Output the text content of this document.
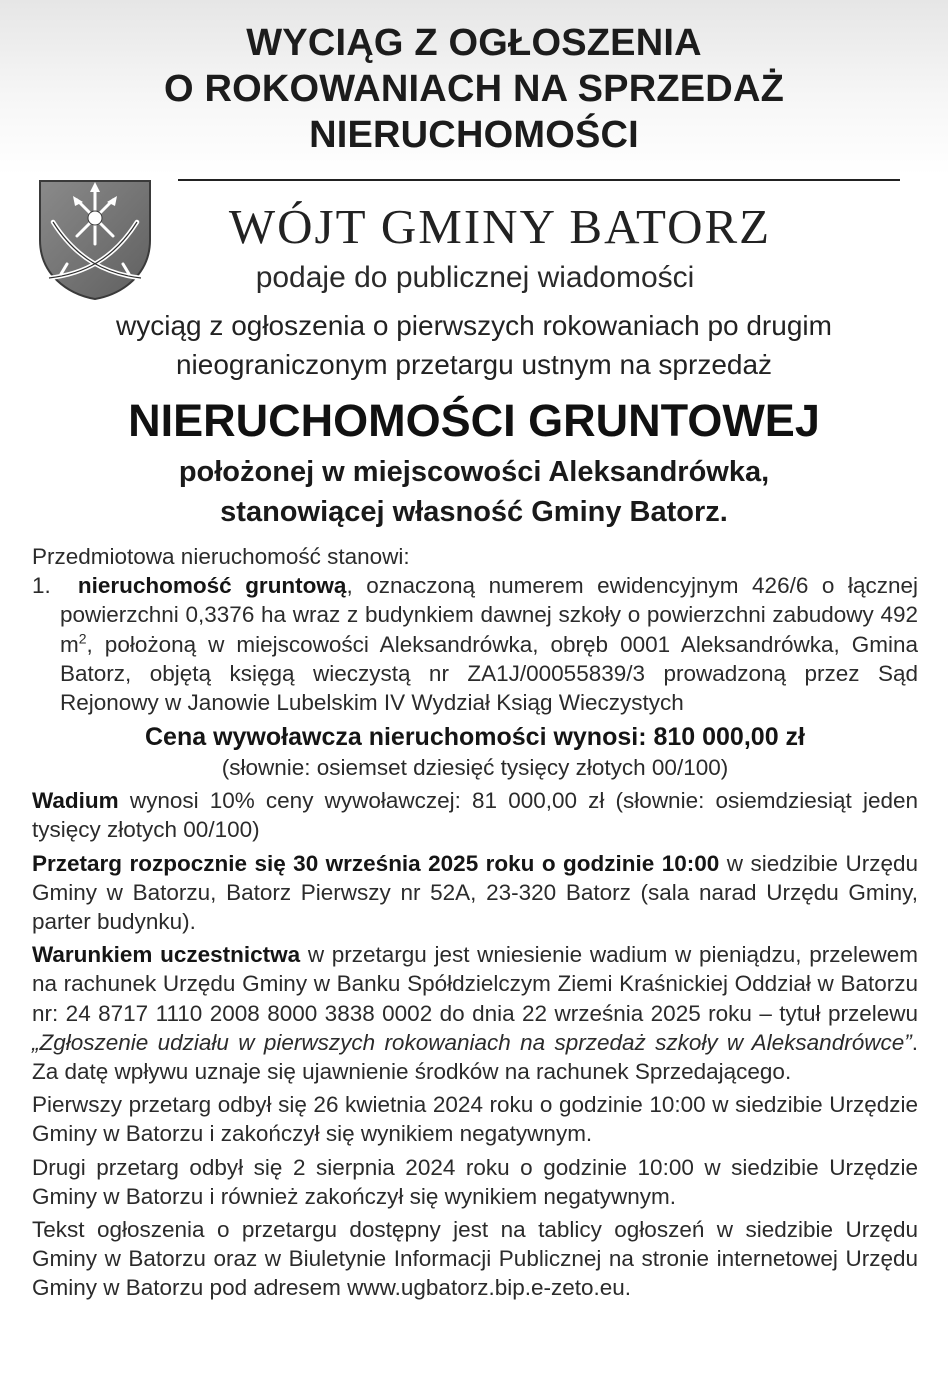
WYCIĄG Z OGŁOSZENIA
O ROKOWANIACH NA SPRZEDAŻ
NIERUCHOMOŚCI
WÓJT GMINY BATORZ
podaje do publicznej wiadomości
wyciąg z ogłoszenia o pierwszych rokowaniach po drugim
nieograniczonym przetargu ustnym na sprzedaż
NIERUCHOMOŚCI GRUNTOWEJ
położonej w miejscowości Aleksandrówka,
stanowiącej własność Gminy Batorz.

Przedmiotowa nieruchomość stanowi:

1. nieruchomość gruntową, oznaczoną numerem ewidencyjnym 426/6 o łącznej powierzchni 0,3376 ha wraz z budynkiem dawnej szkoły o powierzchni zabudowy 492 $m^2$, położoną w miejscowości Aleksandrówka, obręb 0001 Aleksandrówka, Gmina Batorz, objętą księgą wieczystą nr ZA1J/00055839/3 prowadzoną przez Sąd Rejonowy w Janowie Lubelskim IV Wydział Ksiąg Wieczystych

Cena wywoławcza nieruchomości wynosi: 810 000,00 zł

(słownie: osiemset dziesięć tysięcy złotych 00/100)

Wadium wynosi 10% ceny wywoławczej: 81 000,00 zł (słownie: osiemdziesiąt jeden tysięcy złotych 00/100)

Przetarg rozpocznie się 30 września 2025 roku o godzinie 10:00 w siedzibie Urzędu Gminy w Batorzu, Batorz Pierwszy nr 52A, 23-320 Batorz (sala narad Urzędu Gminy, parter budynku).

Warunkiem uczestnictwa w przetargu jest wniesienie wadium w pieniądzu, przelewem na rachunek Urzędu Gminy w Banku Spółdzielczym Ziemi Kraśnickiej Oddział w Batorzu nr: 24 8717 1110 2008 8000 3838 0002 do dnia 22 września 2025 roku – tytuł przelewu „Zgłoszenie udziału w pierwszych rokowaniach na sprzedaż szkoły w Aleksandrówce”. Za datę wpływu uznaje się ujawnienie środków na rachunek Sprzedającego.

Pierwszy przetarg odbył się 26 kwietnia 2024 roku o godzinie 10:00 w siedzibie Urzędzie Gminy w Batorzu i zakończył się wynikiem negatywnym.

Drugi przetarg odbył się 2 sierpnia 2024 roku o godzinie 10:00 w siedzibie Urzędzie Gminy w Batorzu i również zakończył się wynikiem negatywnym.

Tekst ogłoszenia o przetargu dostępny jest na tablicy ogłoszeń w siedzibie Urzędu Gminy w Batorzu oraz w Biuletynie Informacji Publicznej na stronie internetowej Urzędu Gminy w Batorzu pod adresem www.ugbatorz.bip.e-zeto.eu.
